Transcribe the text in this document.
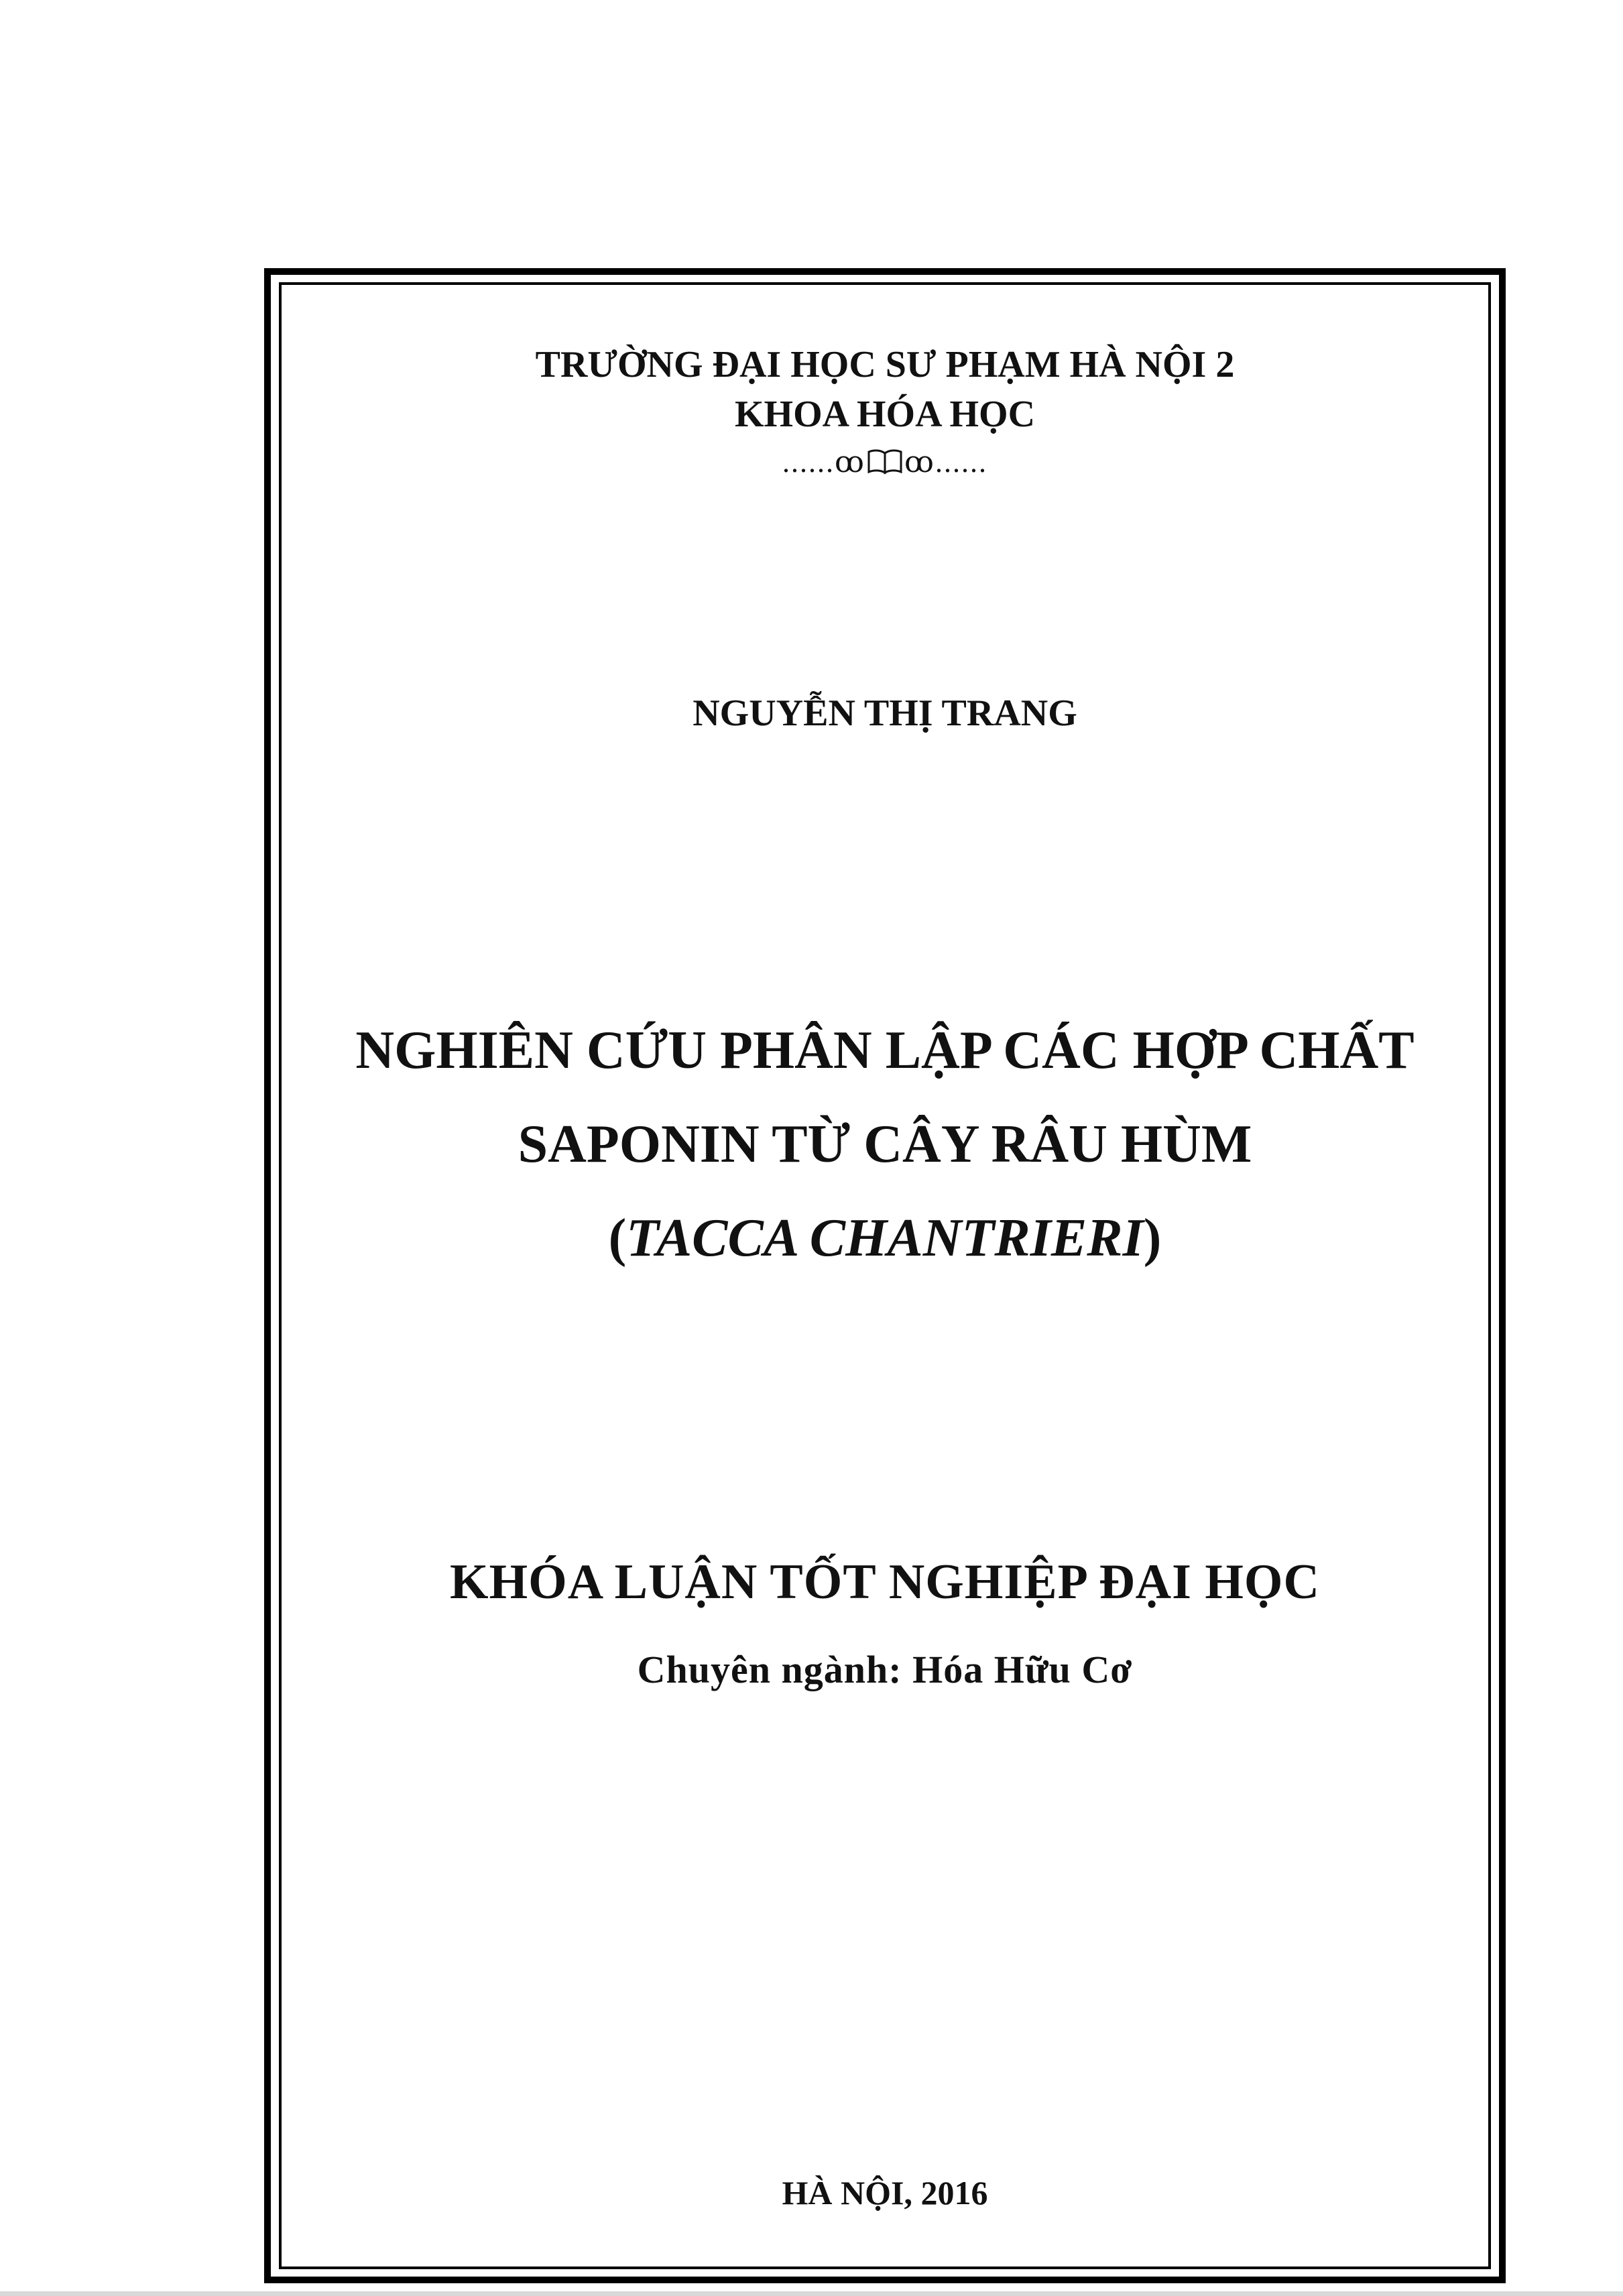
TRƯỜNG ĐẠI HỌC SƯ PHẠM HÀ NỘI 2
KHOA HÓA HỌC
......ꝏ ꝏ......
NGUYỄN THỊ TRANG
NGHIÊN CỨU PHÂN LẬP CÁC HỢP CHẤT
SAPONIN TỪ CÂY RÂU HÙM
(TACCA CHANTRIERI)
KHÓA LUẬN TỐT NGHIỆP ĐẠI HỌC
Chuyên ngành: Hóa Hữu Cơ
HÀ NỘI, 2016
